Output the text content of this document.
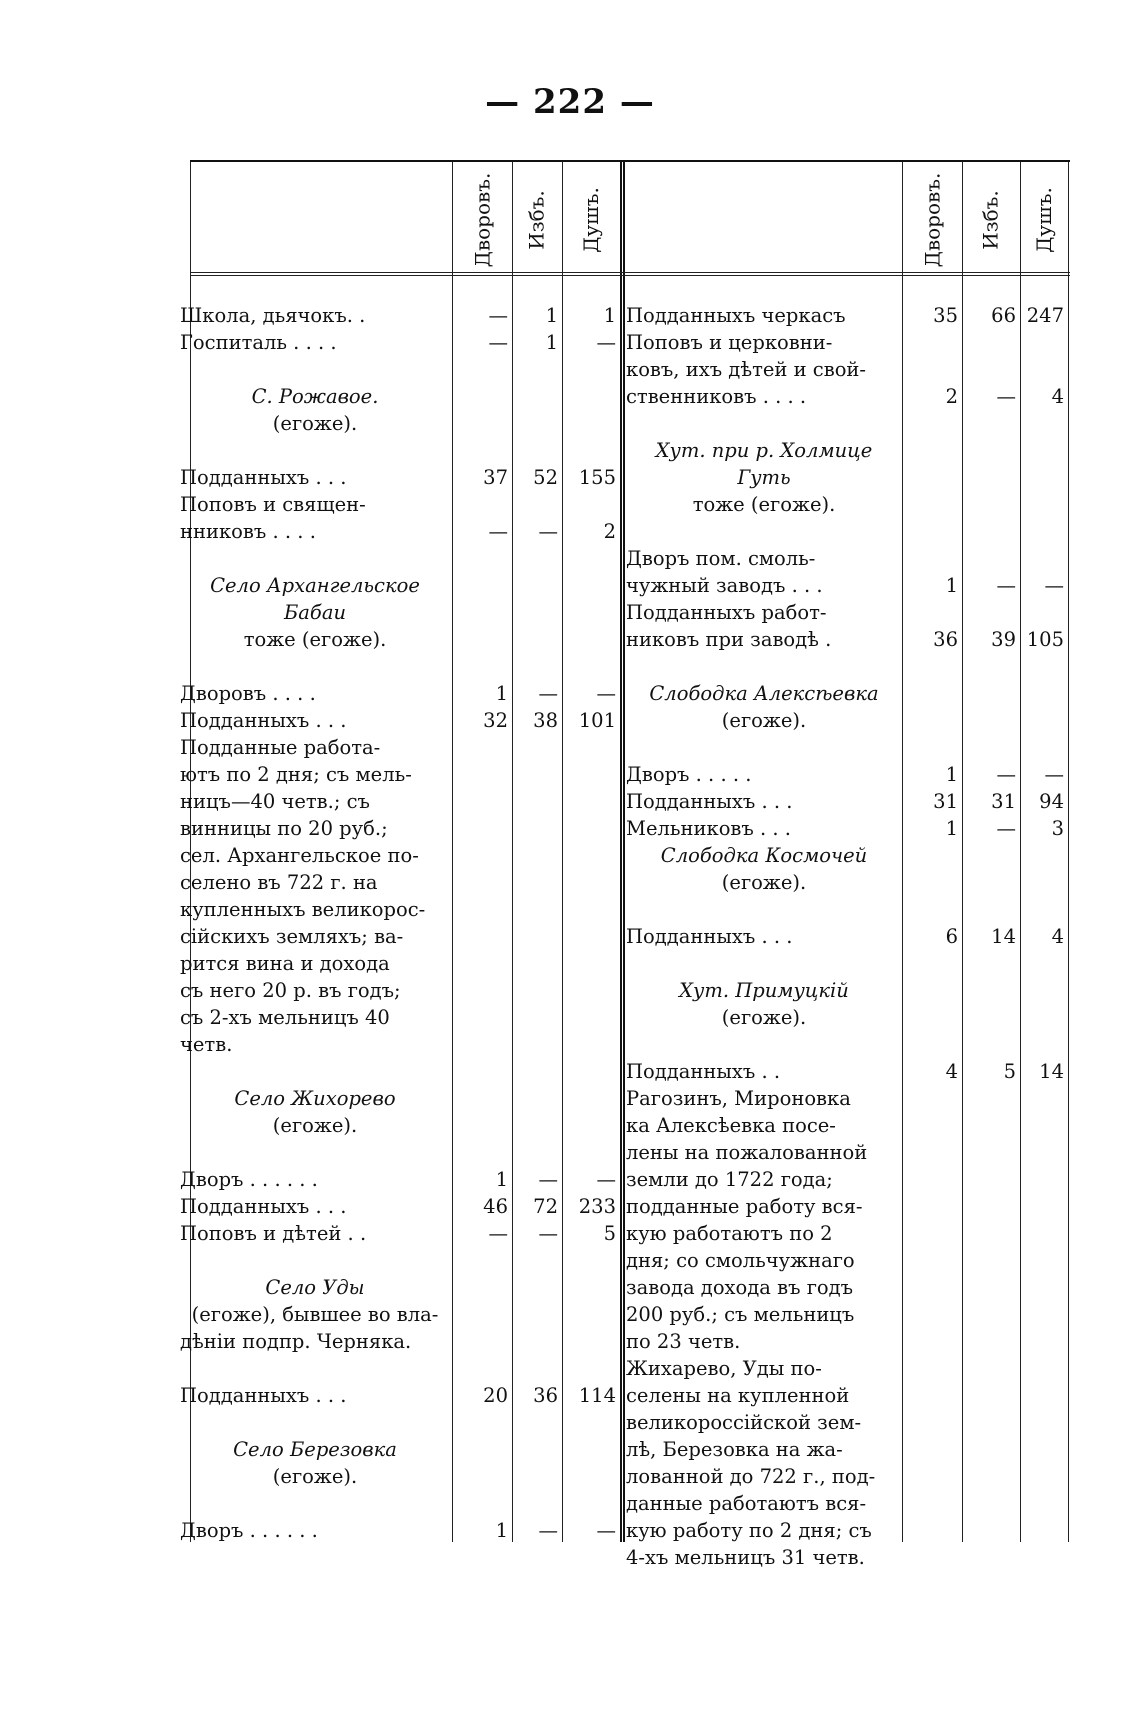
— 222 —
Дворовъ. Избъ. Душъ.	Дворовъ. Избъ. Душъ.
Школа, дьячокъ. .
Госпиталь . . . .
С. Рожавое.
(егоже).
Подданныхъ . . .
Поповъ и священ-
нниковъ . . . .
Село Архангельское
Бабаи
тоже (егоже).
Дворовъ . . . .
Подданныхъ . . .
Подданные работа-
ютъ по 2 дня; съ мель-
ницъ—40 четв.; съ
винницы по 20 руб.;
сел. Архангельское по-
селено въ 722 г. на
купленныхъ великорос-
сійскихъ земляхъ; ва-
рится вина и дохода
съ него 20 р. въ годъ;
съ 2-хъ мельницъ 40
четв.
Село Жихорево
(егоже).
Дворъ . . . . . .
Подданныхъ . . .
Поповъ и дѣтей . .
Село Уды
(егоже), бывшее во вла-
дѣніи подпр. Черняка.
Подданныхъ . . .
Село Березовка
(егоже).
Дворъ . . . . . .
—
—
37
—
1
32
1
46
—
20
1
1
1
52
—
—
38
—
72
—
36
—
1
—
155
2
—
101
—
233
5
114
—
Подданныхъ черкасъ
Поповъ и церковни-
ковъ, ихъ дѣтей и свой-
ственниковъ . . . .
Хут. при р. Холмице
Гуть
тоже (егоже).
Дворъ пом. смоль-
чужный заводъ . . .
Подданныхъ работ-
никовъ при заводѣ .
Слободка Алексѣевка
(егоже).
Дворъ . . . . .
Подданныхъ . . .
Мельниковъ . . .
Слободка Космочей
(егоже).
Подданныхъ . . .
Хут. Примуцкій
(егоже).
Подданныхъ . .
Рагозинъ, Мироновка
ка Алексѣевка посе-
лены на пожалованной
земли до 1722 года;
подданные работу вся-
кую работаютъ по 2
дня; со смольчужнаго
завода дохода въ годъ
200 руб.; съ мельницъ
по 23 четв.
Жихарево, Уды по-
селены на купленной
великороссійской зем-
лѣ, Березовка на жа-
лованной до 722 г., под-
данные работаютъ вся-
кую работу по 2 дня; съ
4-хъ мельницъ 31 четв.
35
2
1
36
1
31
1
6
4
66
—
—
39
—
31
—
14
5
247
4
—
105
—
94
3
4
14
